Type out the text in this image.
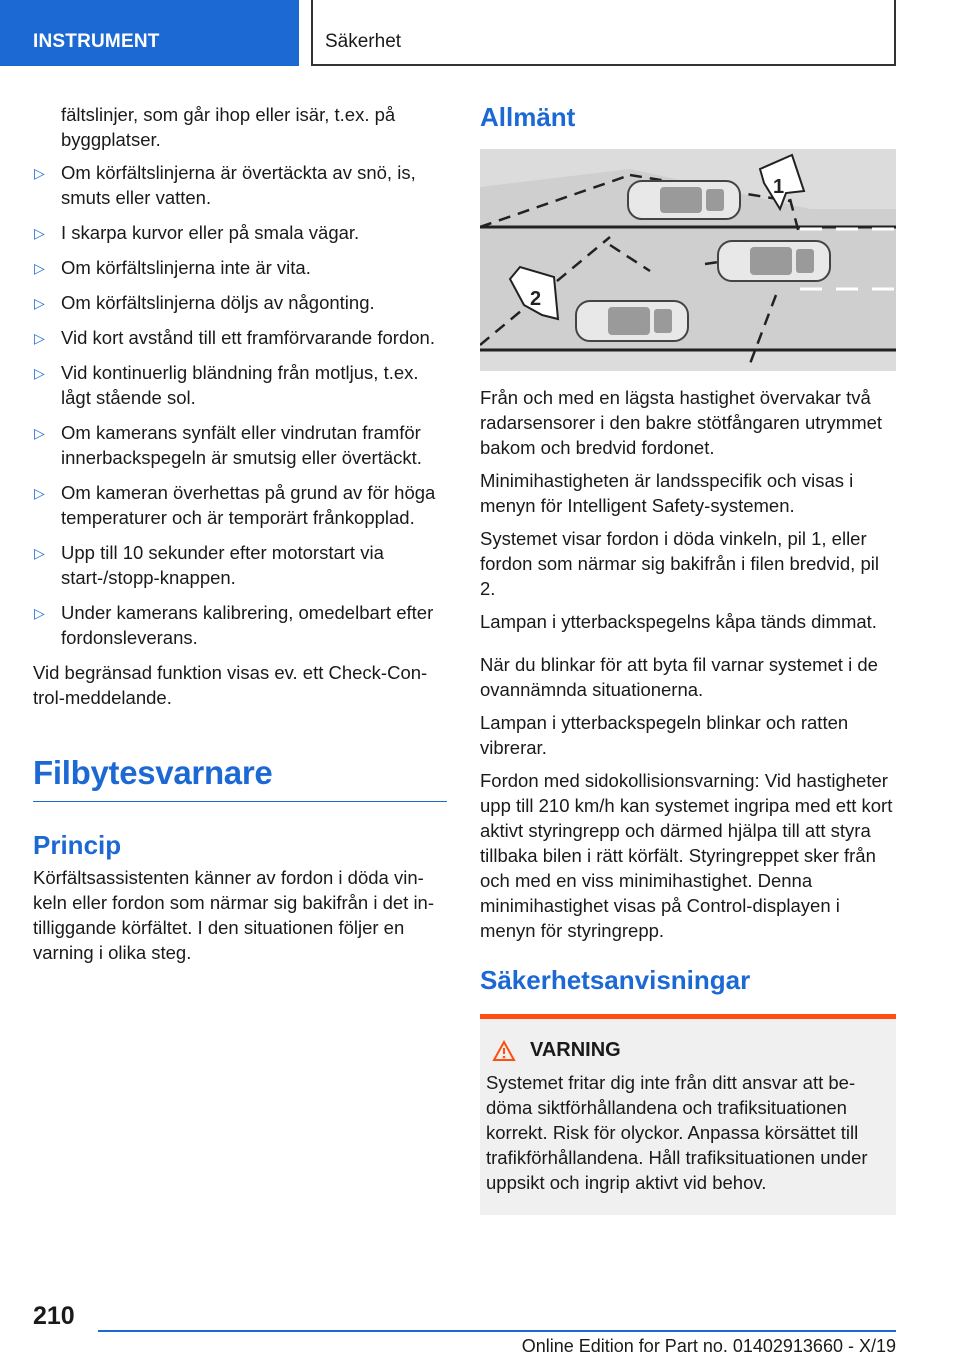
INSTRUMENT	Säkerhet

fältslinjer, som går ihop eller isär, t.ex. på byggplatser.

▷ Om körfältslinjerna är övertäckta av snö, is, smuts eller vatten.
▷ I skarpa kurvor eller på smala vägar.
▷ Om körfältslinjerna inte är vita.
▷ Om körfältslinjerna döljs av någonting.
▷ Vid kort avstånd till ett framförvarande fordon.
▷ Vid kontinuerlig bländning från motljus, t.ex. lågt stående sol.
▷ Om kamerans synfält eller vindrutan framför innerbackspegeln är smutsig eller övertäckt.
▷ Om kameran överhettas på grund av för höga temperaturer och är temporärt frånkopplad.
▷ Upp till 10 sekunder efter motorstart via start-/stopp-knappen.
▷ Under kamerans kalibrering, omedelbart efter fordonsleverans.

Vid begränsad funktion visas ev. ett Check-Control-meddelande.

Filbytesvarnare
Princip

Körfältsassistenten känner av fordon i döda vinkeln eller fordon som närmar sig bakifrån i det intilliggande körfältet. I den situationen följer en varning i olika steg.

Allmänt
1
2

Från och med en lägsta hastighet övervakar två radarsensorer i den bakre stötfångaren utrymmet bakom och bredvid fordonet.

Minimihastigheten är landsspecifik och visas i menyn för Intelligent Safety-systemen.

Systemet visar fordon i döda vinkeln, pil 1, eller fordon som närmar sig bakifrån i filen bredvid, pil 2.

Lampan i ytterbackspegelns kåpa tänds dimmat.

När du blinkar för att byta fil varnar systemet i de ovannämnda situationerna.

Lampan i ytterbackspegeln blinkar och ratten vibrerar.

Fordon med sidokollisionsvarning: Vid hastigheter upp till 210 km/h kan systemet ingripa med ett kort aktivt styringrepp och därmed hjälpa till att styra tillbaka bilen i rätt körfält. Styringreppet sker från och med en viss minimihastighet. Denna minimihastighet visas på Control-displayen i menyn för styringrepp.

Säkerhetsanvisningar
VARNING

Systemet fritar dig inte från ditt ansvar att bedöma siktförhållandena och trafiksituationen korrekt. Risk för olyckor. Anpassa körsättet till trafikförhållandena. Håll trafiksituationen under uppsikt och ingrip aktivt vid behov.

210
Online Edition for Part no. 01402913660 - X/19
